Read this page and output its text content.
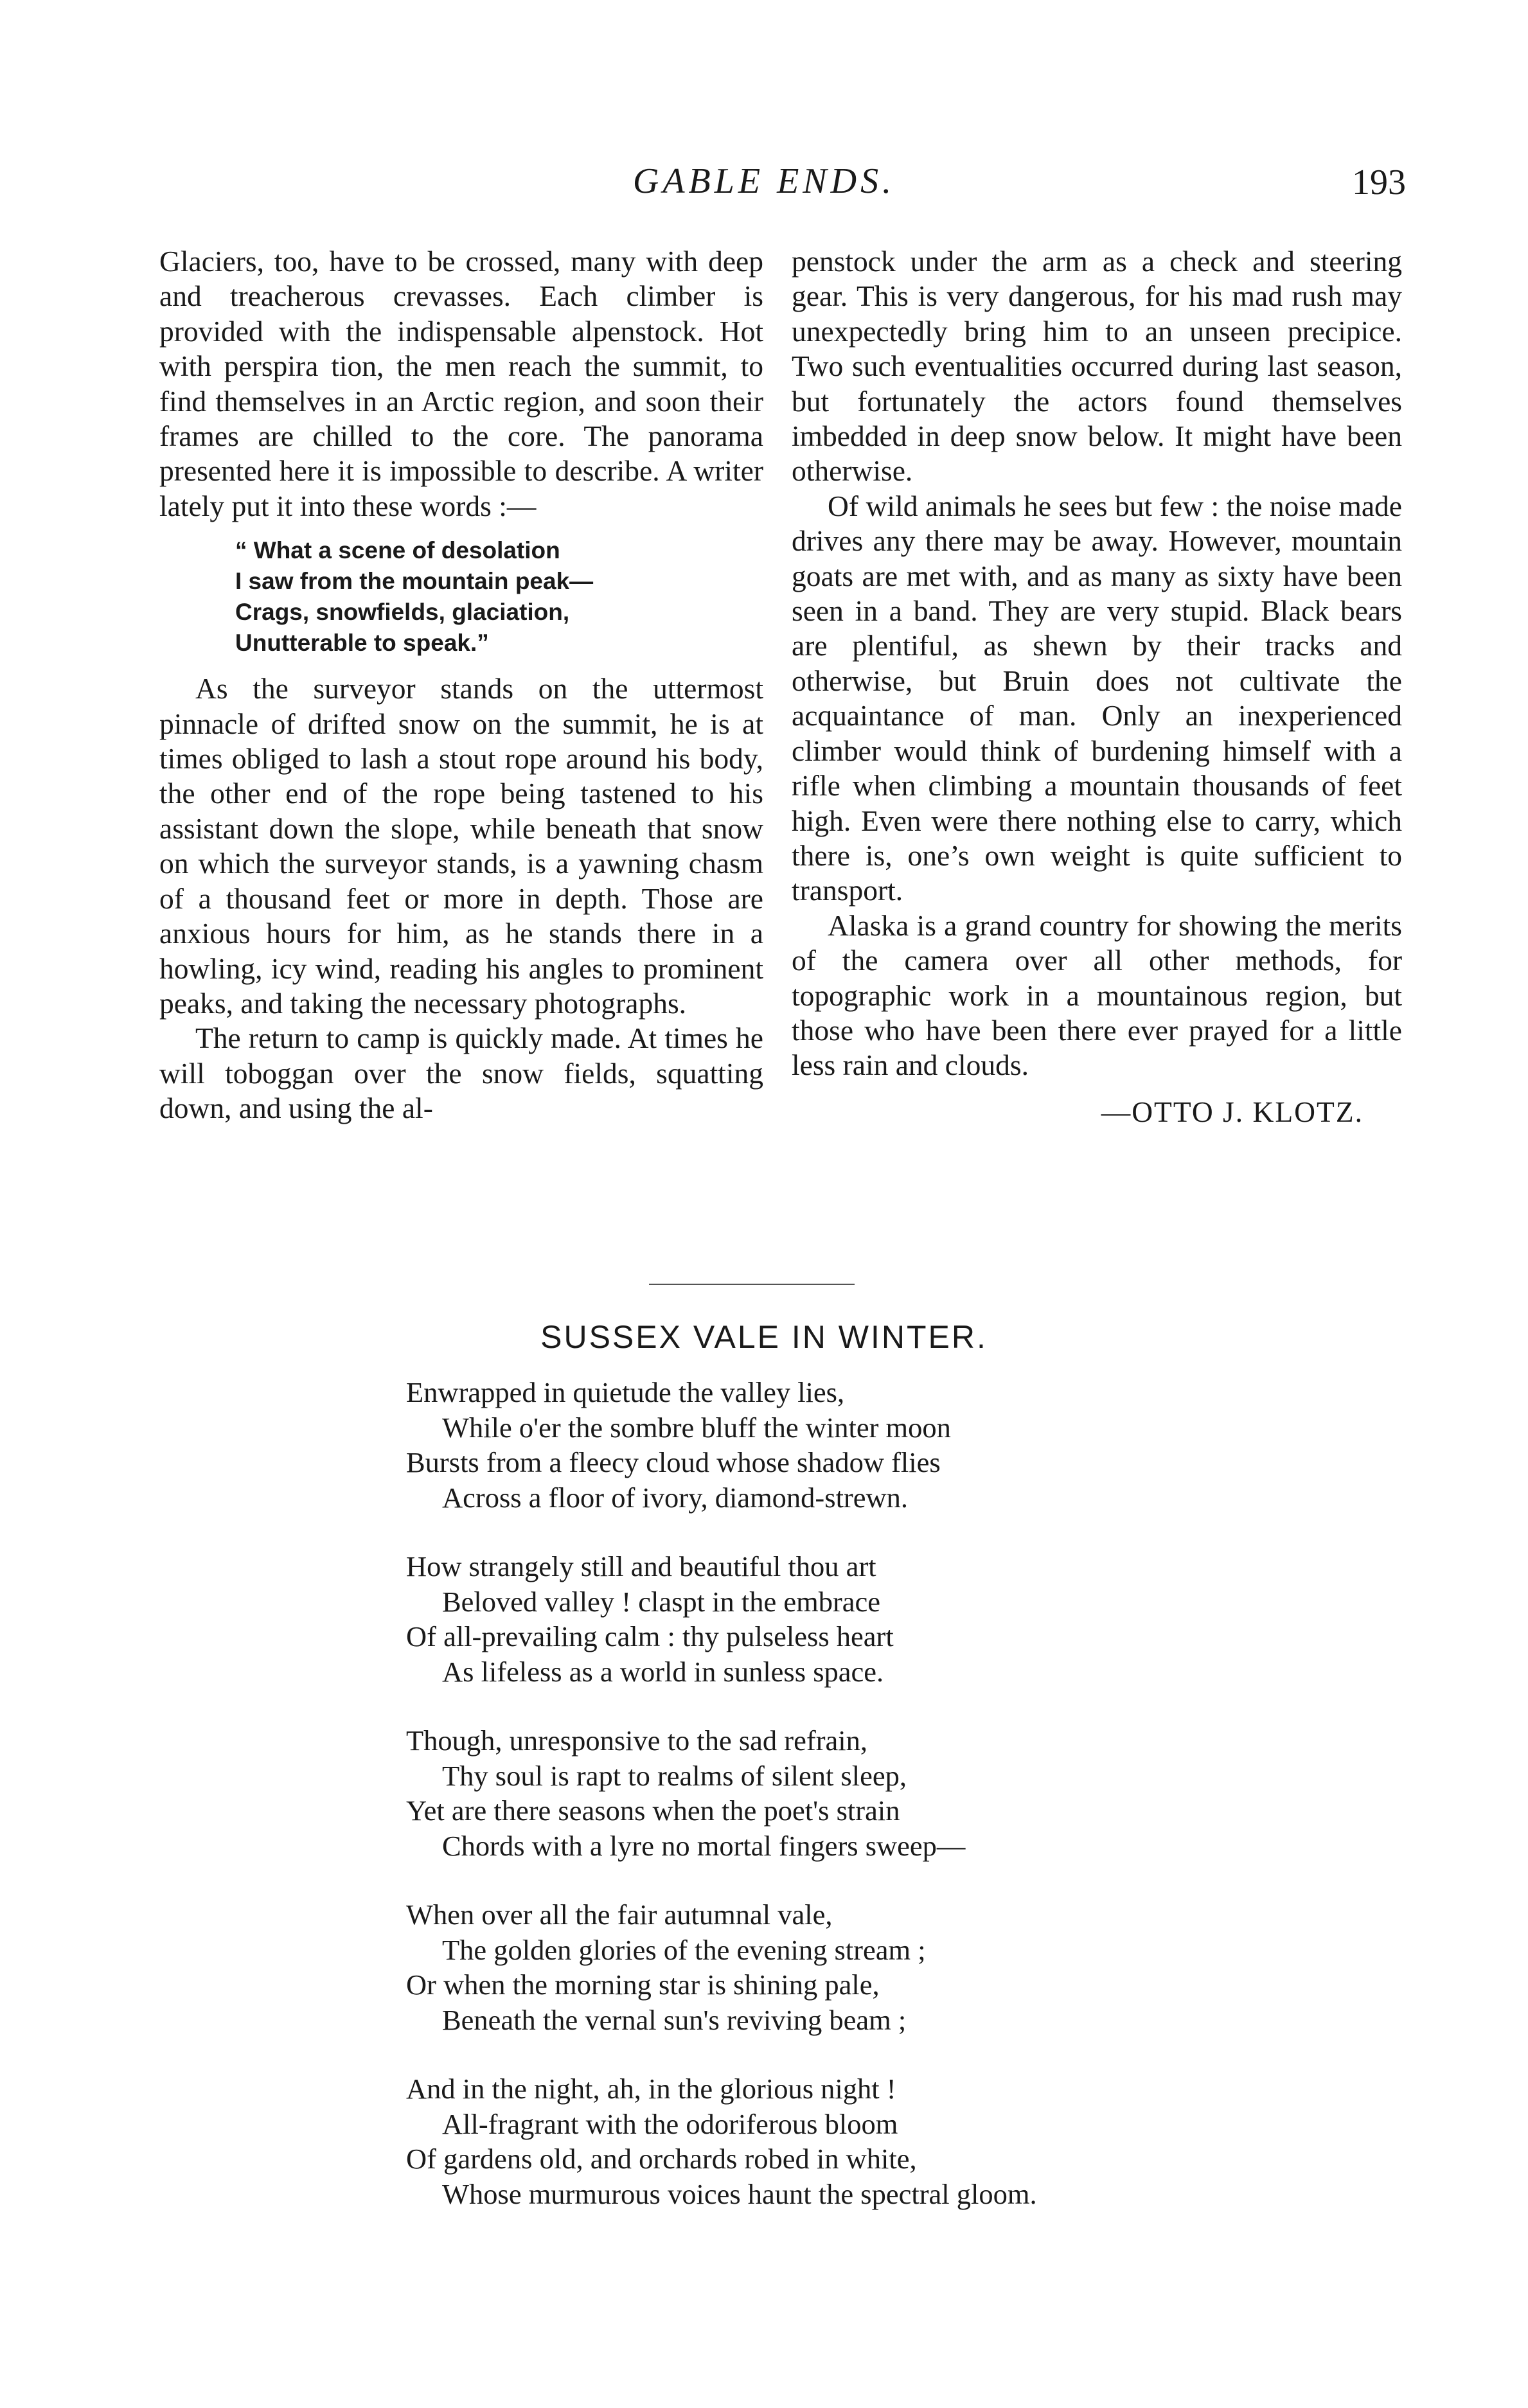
GABLE ENDS.	193

Glaciers, too, have to be crossed, many with deep and treacherous crevasses. Each climber is provided with the indispensable alpenstock. Hot with perspira tion, the men reach the summit, to find themselves in an Arctic region, and soon their frames are chilled to the core. The panorama presented here it is impossible to describe. A writer lately put it into these words :—

“ What a scene of desolation
I saw from the mountain peak—
Crags, snowfields, glaciation,
Unutterable to speak.”

As the surveyor stands on the uttermost pinnacle of drifted snow on the summit, he is at times obliged to lash a stout rope around his body, the other end of the rope being tastened to his assistant down the slope, while beneath that snow on which the surveyor stands, is a yawning chasm of a thousand feet or more in depth. Those are anxious hours for him, as he stands there in a howling, icy wind, reading his angles to prominent peaks, and taking the necessary photographs.

The return to camp is quickly made. At times he will toboggan over the snow fields, squatting down, and using the al-

penstock under the arm as a check and steering gear. This is very dangerous, for his mad rush may unexpectedly bring him to an unseen precipice. Two such eventualities occurred during last season, but fortunately the actors found themselves imbedded in deep snow below. It might have been otherwise.

Of wild animals he sees but few : the noise made drives any there may be away. However, mountain goats are met with, and as many as sixty have been seen in a band. They are very stupid. Black bears are plentiful, as shewn by their tracks and otherwise, but Bruin does not cultivate the acquaintance of man. Only an inexperienced climber would think of burdening himself with a rifle when climbing a mountain thousands of feet high. Even were there nothing else to carry, which there is, one’s own weight is quite sufficient to transport.

Alaska is a grand country for showing the merits of the camera over all other methods, for topographic work in a mountainous region, but those who have been there ever prayed for a little less rain and clouds.

—OTTO J. KLOTZ.

SUSSEX VALE IN WINTER.
Enwrapped in quietude the valley lies,
While o'er the sombre bluff the winter moon
Bursts from a fleecy cloud whose shadow flies
Across a floor of ivory, diamond-strewn.
How strangely still and beautiful thou art
Beloved valley ! claspt in the embrace
Of all-prevailing calm : thy pulseless heart
As lifeless as a world in sunless space.
Though, unresponsive to the sad refrain,
Thy soul is rapt to realms of silent sleep,
Yet are there seasons when the poet's strain
Chords with a lyre no mortal fingers sweep—
When over all the fair autumnal vale,
The golden glories of the evening stream ;
Or when the morning star is shining pale,
Beneath the vernal sun's reviving beam ;
And in the night, ah, in the glorious night !
All-fragrant with the odoriferous bloom
Of gardens old, and orchards robed in white,
Whose murmurous voices haunt the spectral gloom.
